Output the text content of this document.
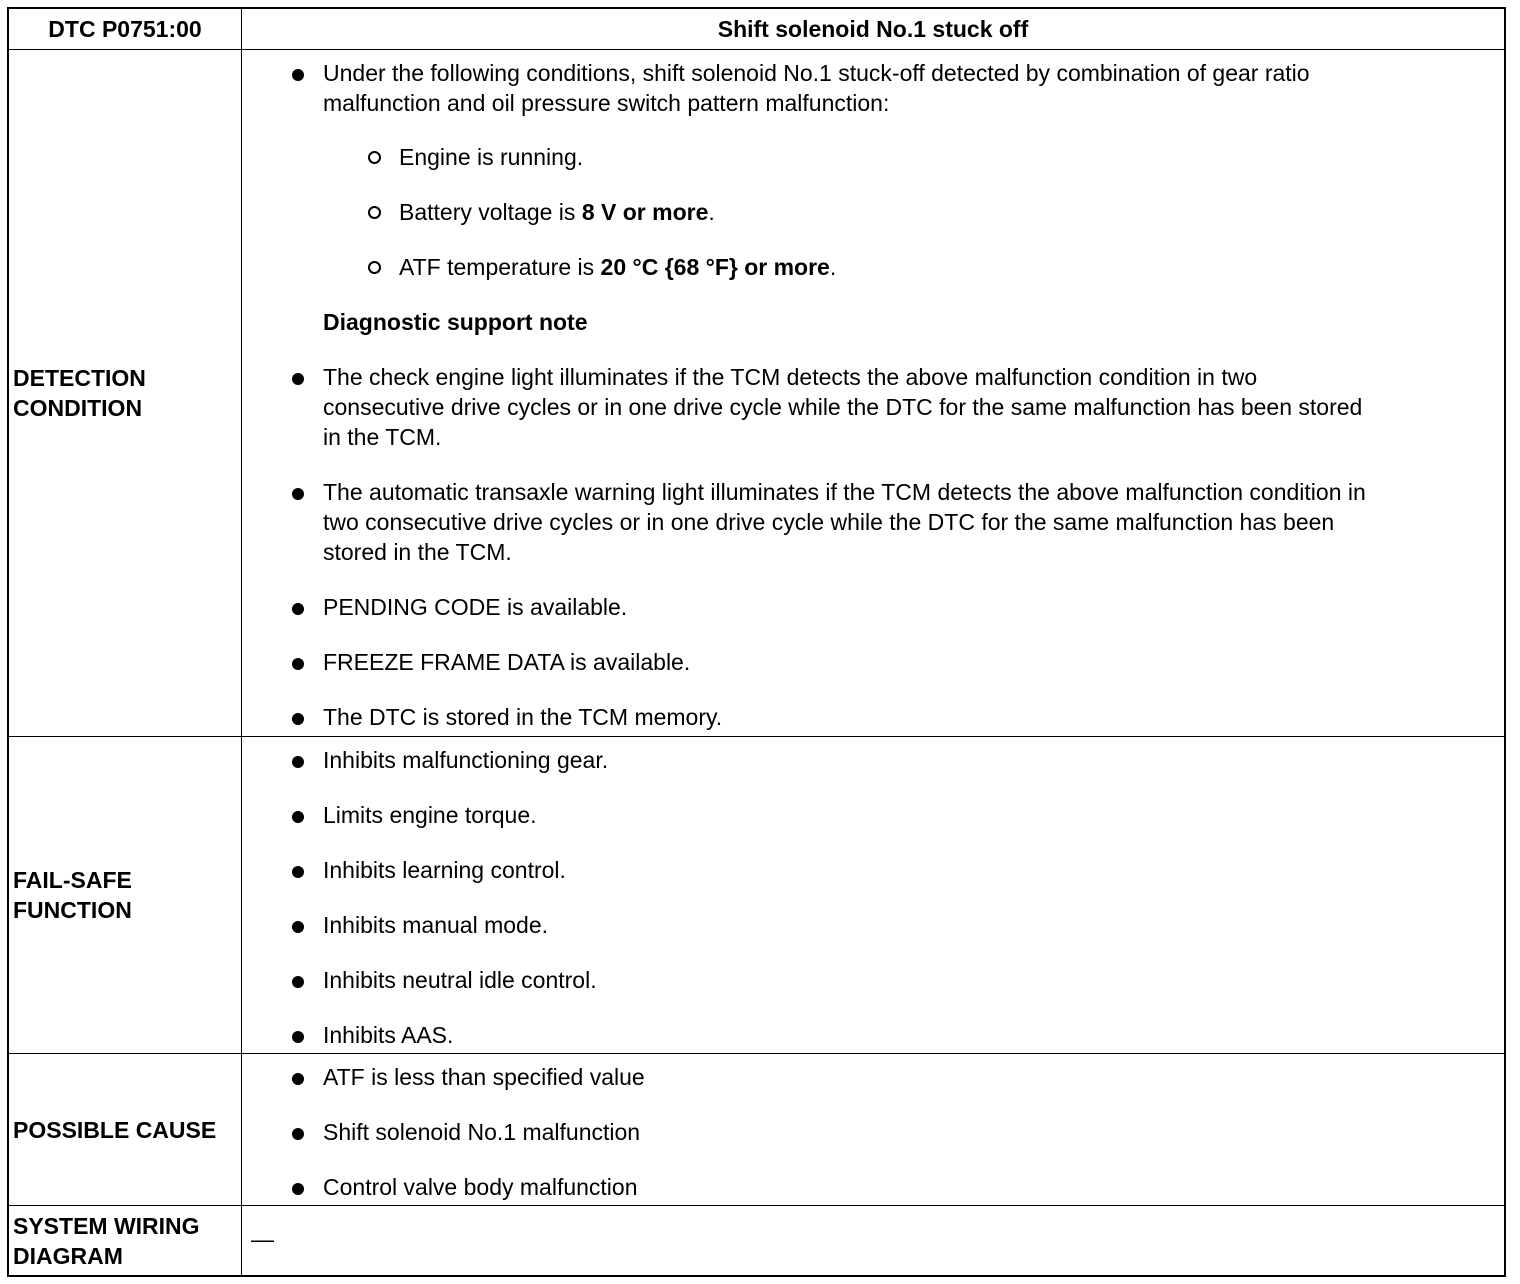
DTC P0751:00	Shift solenoid No.1 stuck off
DETECTION
CONDITION
Under the following conditions, shift solenoid No.1 stuck-off detected by combination of gear ratio
malfunction and oil pressure switch pattern malfunction:
Engine is running.
Battery voltage is 8 V or more.
ATF temperature is 20 °C {68 °F} or more.
Diagnostic support note
The check engine light illuminates if the TCM detects the above malfunction condition in two
consecutive drive cycles or in one drive cycle while the DTC for the same malfunction has been stored
in the TCM.
The automatic transaxle warning light illuminates if the TCM detects the above malfunction condition in
two consecutive drive cycles or in one drive cycle while the DTC for the same malfunction has been
stored in the TCM.
PENDING CODE is available.
FREEZE FRAME DATA is available.
The DTC is stored in the TCM memory.
FAIL-SAFE
FUNCTION
Inhibits malfunctioning gear.
Limits engine torque.
Inhibits learning control.
Inhibits manual mode.
Inhibits neutral idle control.
Inhibits AAS.
POSSIBLE CAUSE
ATF is less than specified value
Shift solenoid No.1 malfunction
Control valve body malfunction
SYSTEM WIRING
DIAGRAM
—
